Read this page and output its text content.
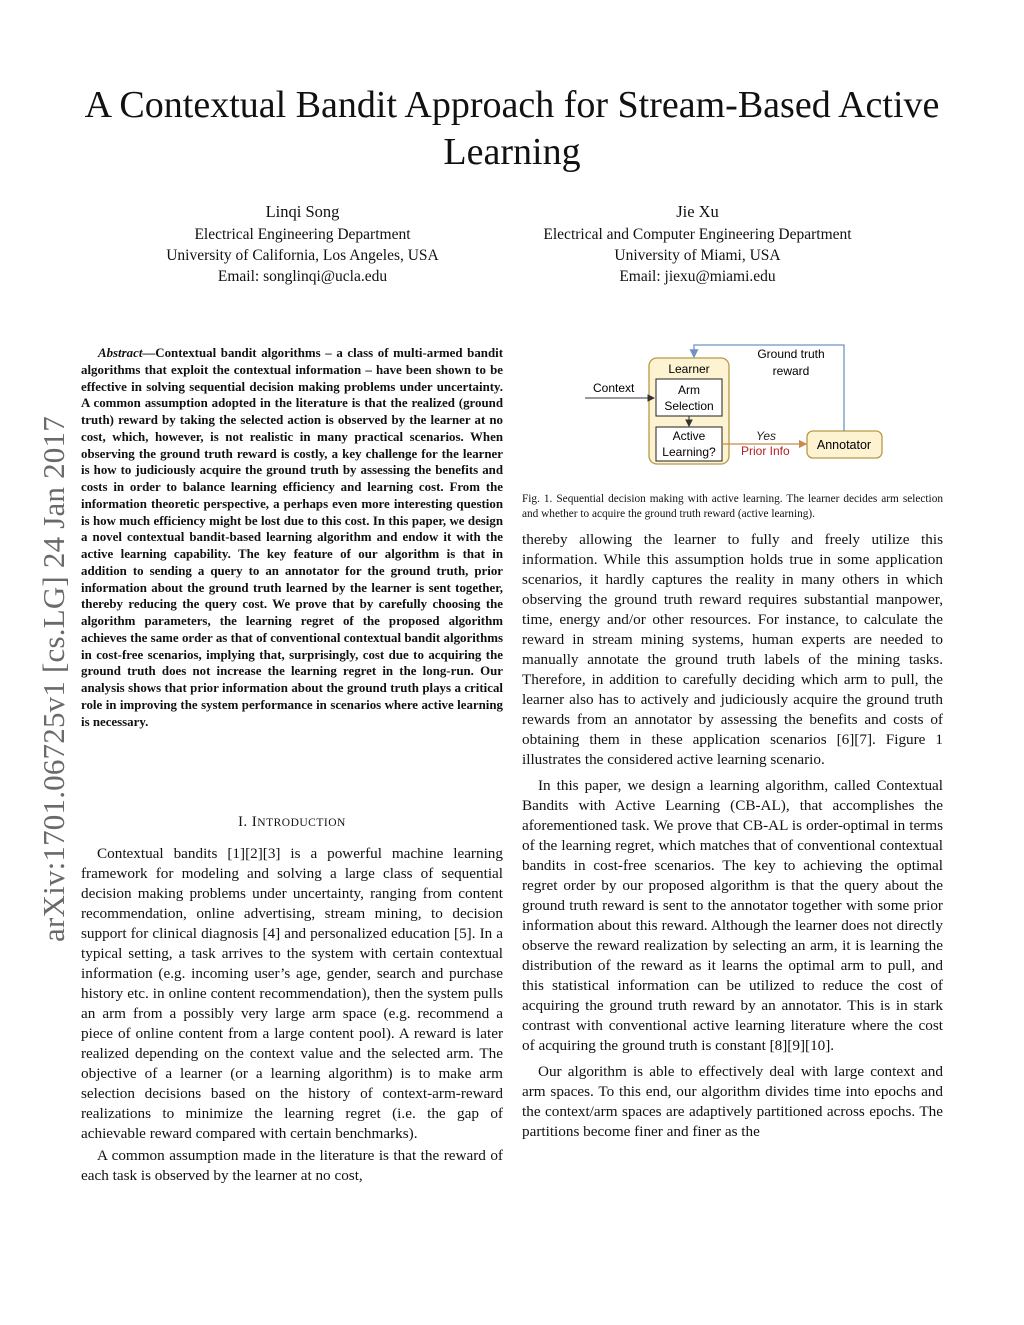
A Contextual Bandit Approach for Stream-Based Active Learning
Linqi Song
Electrical Engineering Department
University of California, Los Angeles, USA
Email: songlinqi@ucla.edu
Jie Xu
Electrical and Computer Engineering Department
University of Miami, USA
Email: jiexu@miami.edu
arXiv:1701.06725v1 [cs.LG] 24 Jan 2017

Abstract—Contextual bandit algorithms – a class of multi-armed bandit algorithms that exploit the contextual information – have been shown to be effective in solving sequential decision making problems under uncertainty. A common assumption adopted in the literature is that the realized (ground truth) reward by taking the selected action is observed by the learner at no cost, which, however, is not realistic in many practical scenarios. When observing the ground truth reward is costly, a key challenge for the learner is how to judiciously acquire the ground truth by assessing the benefits and costs in order to balance learning efficiency and learning cost. From the information theoretic perspective, a perhaps even more interesting question is how much efficiency might be lost due to this cost. In this paper, we design a novel contextual bandit-based learning algorithm and endow it with the active learning capability. The key feature of our algorithm is that in addition to sending a query to an annotator for the ground truth, prior information about the ground truth learned by the learner is sent together, thereby reducing the query cost. We prove that by carefully choosing the algorithm parameters, the learning regret of the proposed algorithm achieves the same order as that of conventional contextual bandit algorithms in cost-free scenarios, implying that, surprisingly, cost due to acquiring the ground truth does not increase the learning regret in the long-run. Our analysis shows that prior information about the ground truth plays a critical role in improving the system performance in scenarios where active learning is necessary.

I. INTRODUCTION

Contextual bandits [1][2][3] is a powerful machine learning framework for modeling and solving a large class of sequential decision making problems under uncertainty, ranging from content recommendation, online advertising, stream mining, to decision support for clinical diagnosis [4] and personalized education [5]. In a typical setting, a task arrives to the system with certain contextual information (e.g. incoming user’s age, gender, search and purchase history etc. in online content recommendation), then the system pulls an arm from a possibly very large arm space (e.g. recommend a piece of online content from a large content pool). A reward is later realized depending on the context value and the selected arm. The objective of a learner (or a learning algorithm) is to make arm selection decisions based on the history of context-arm-reward realizations to minimize the learning regret (i.e. the gap of achievable reward compared with certain benchmarks).

A common assumption made in the literature is that the reward of each task is observed by the learner at no cost,

Learner
Arm
Selection
Active
Learning?
Context
Annotator
Yes
Prior Info
Ground truth
reward
Fig. 1. Sequential decision making with active learning. The learner decides arm selection and whether to acquire the ground truth reward (active learning).

thereby allowing the learner to fully and freely utilize this information. While this assumption holds true in some application scenarios, it hardly captures the reality in many others in which observing the ground truth reward requires substantial manpower, time, energy and/or other resources. For instance, to calculate the reward in stream mining systems, human experts are needed to manually annotate the ground truth labels of the mining tasks. Therefore, in addition to carefully deciding which arm to pull, the learner also has to actively and judiciously acquire the ground truth rewards from an annotator by assessing the benefits and costs of obtaining them in these application scenarios [6][7]. Figure 1 illustrates the considered active learning scenario.

In this paper, we design a learning algorithm, called Contextual Bandits with Active Learning (CB-AL), that accomplishes the aforementioned task. We prove that CB-AL is order-optimal in terms of the learning regret, which matches that of conventional contextual bandits in cost-free scenarios. The key to achieving the optimal regret order by our proposed algorithm is that the query about the ground truth reward is sent to the annotator together with some prior information about this reward. Although the learner does not directly observe the reward realization by selecting an arm, it is learning the distribution of the reward as it learns the optimal arm to pull, and this statistical information can be utilized to reduce the cost of acquiring the ground truth reward by an annotator. This is in stark contrast with conventional active learning literature where the cost of acquiring the ground truth is constant [8][9][10].

Our algorithm is able to effectively deal with large context and arm spaces. To this end, our algorithm divides time into epochs and the context/arm spaces are adaptively partitioned across epochs. The partitions become finer and finer as the
